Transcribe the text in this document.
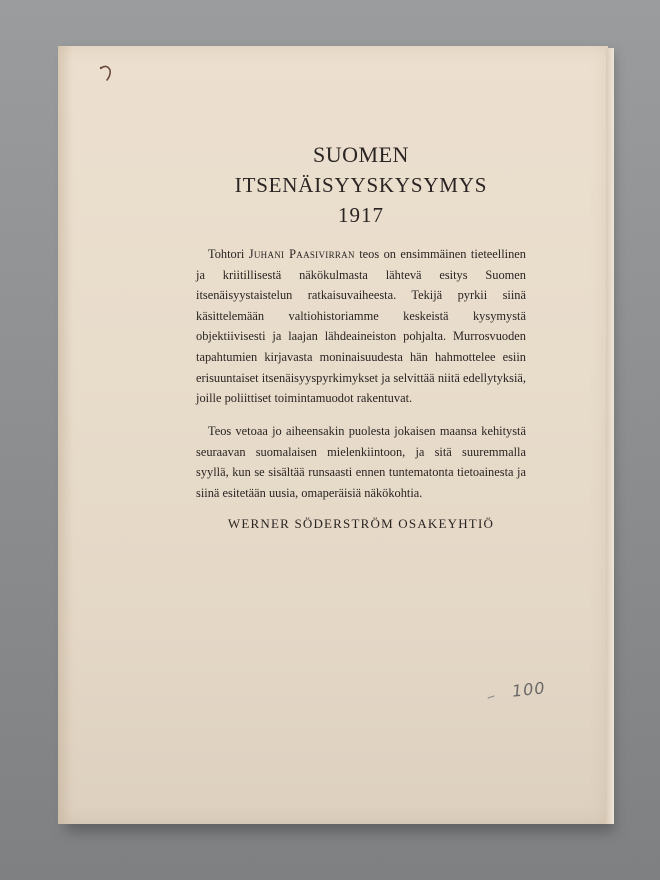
SUOMEN
ITSENÄISYYSKYSYMYS
1917

Tohtori Juhani Paasivirran teos on ensimmäinen tieteellinen ja kriitillisestä näkökulmasta lähtevä esitys Suomen itsenäisyystaistelun ratkaisuvaiheesta. Tekijä pyrkii siinä käsittelemään valtiohistoriamme keskeistä kysymystä objektiivisesti ja laajan lähdeaineiston pohjalta. Murrosvuoden tapahtumien kirjavasta moninaisuudesta hän hahmottelee esiin erisuuntaiset itsenäisyyspyrkimykset ja selvittää niitä edellytyksiä, joille poliittiset toimintamuodot rakentuvat.

Teos vetoaa jo aiheensakin puolesta jokaisen maansa kehitystä seuraavan suomalaisen mielenkiintoon, ja sitä suuremmalla syyllä, kun se sisältää runsaasti ennen tuntematonta tietoainesta ja siinä esitetään uusia, omaperäisiä näkökohtia.

WERNER SÖDERSTRÖM OSAKEYHTIÖ
100
